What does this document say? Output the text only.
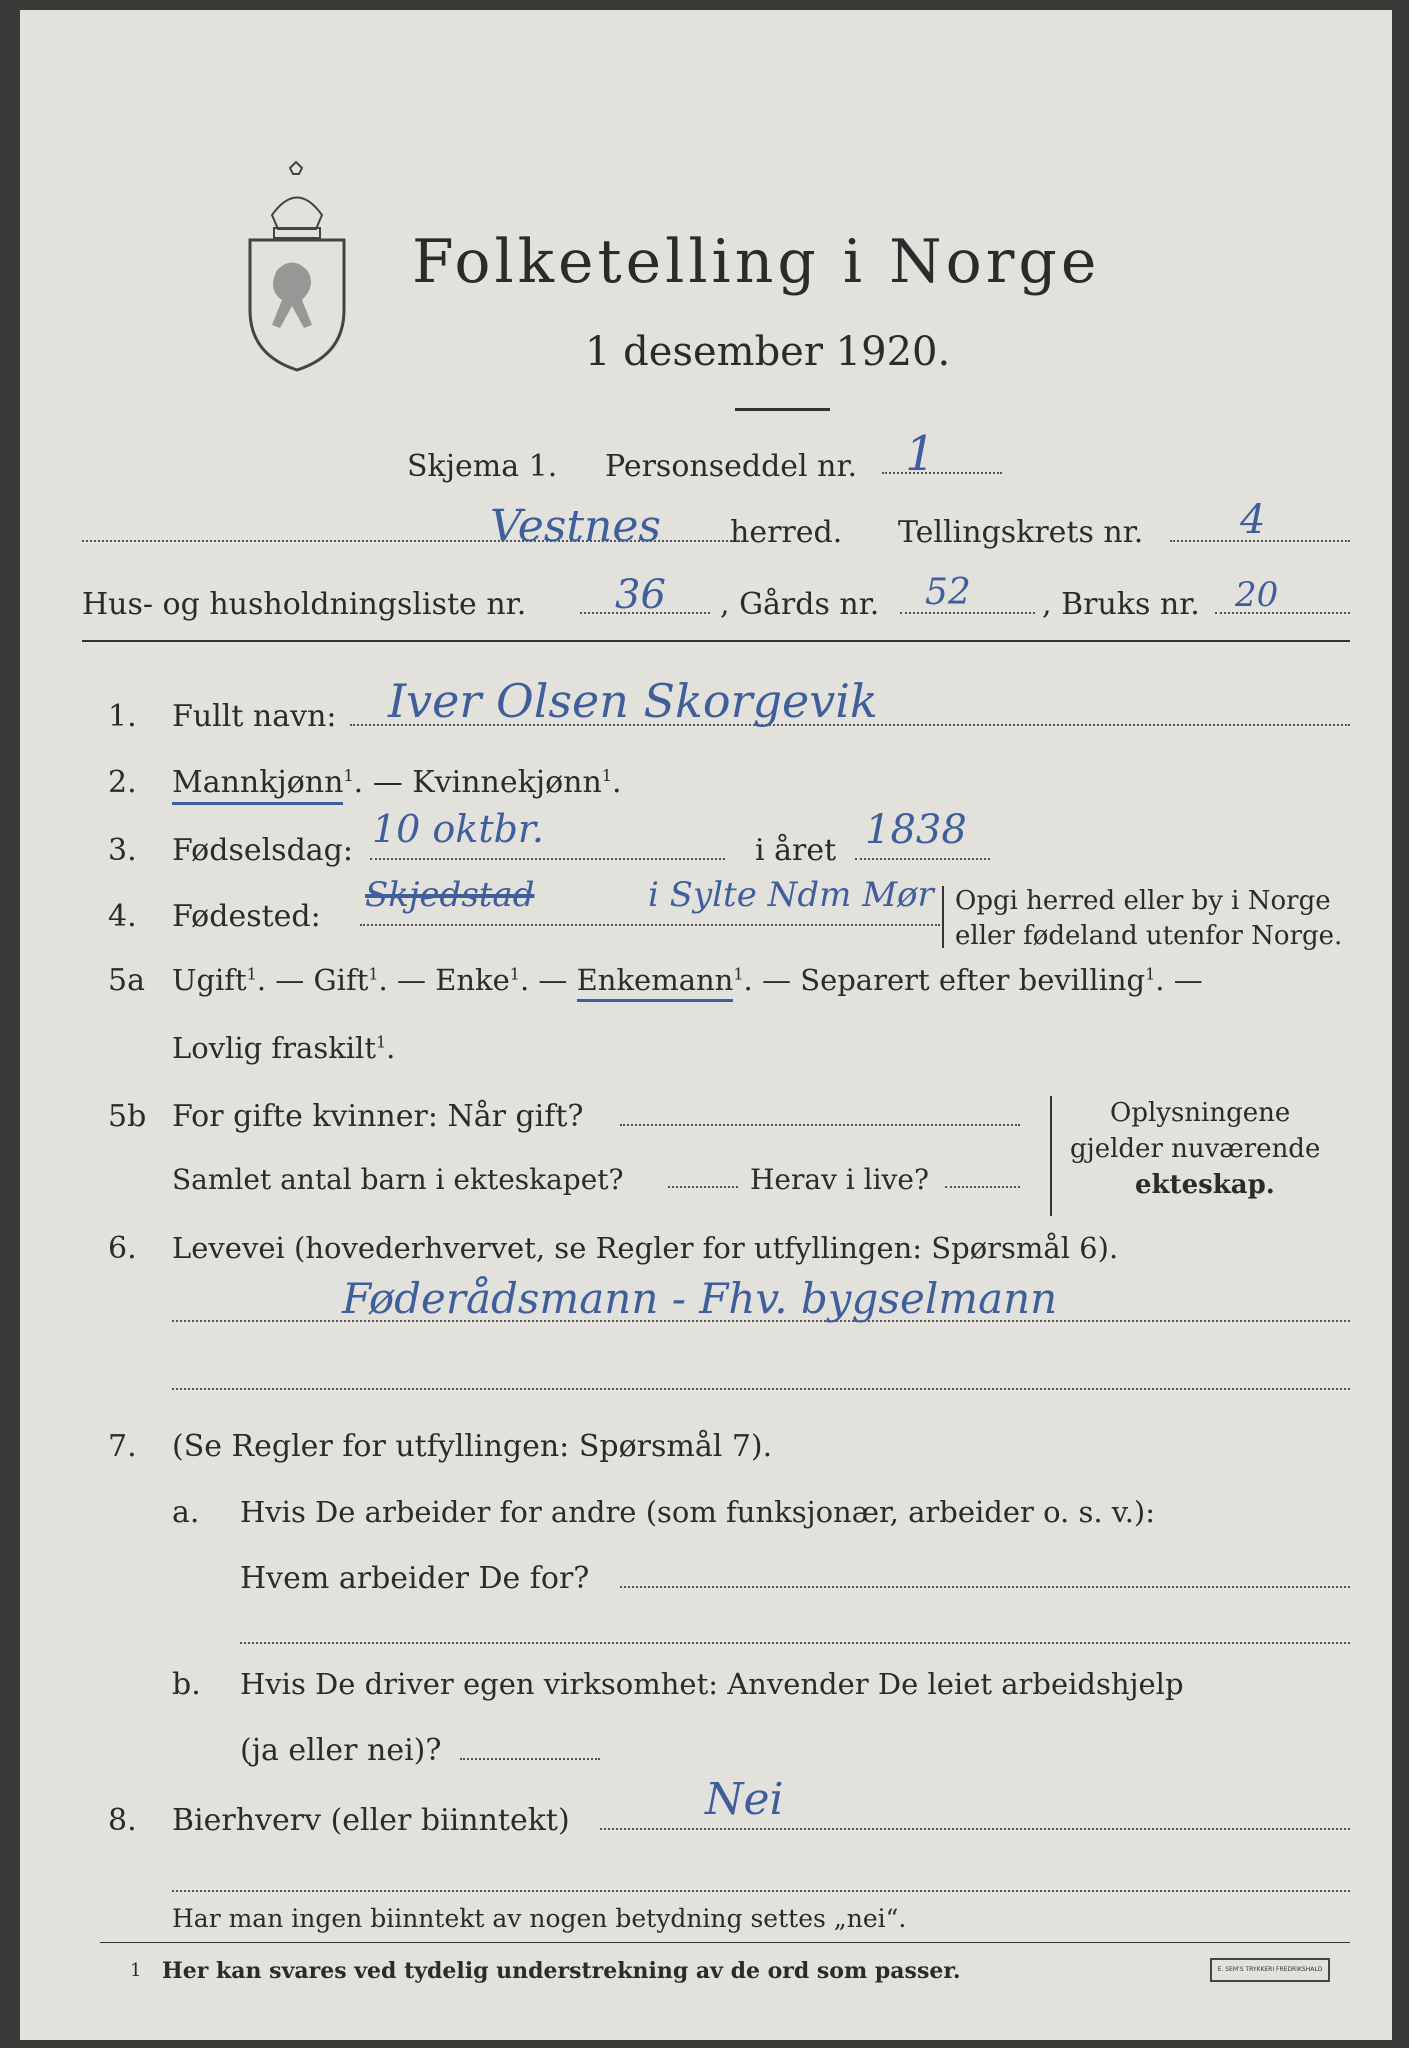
Folketelling i Norge
1 desember 1920.
Skjema 1. Personseddel nr. 1
Vestnes herred. Tellingskrets nr. 4
Hus- og husholdningsliste nr. 36 , Gårds nr. 52 , Bruks nr. 20
1. Fullt navn: Iver Olsen Skorgevik
2. Mannkjønn$^1$. — Kvinnekjønn$^1$.
3. Fødselsdag: 10 oktbr.	i året 1838
4. Fødested:
Skjedstad	i Sylte Ndm Mør Opgi herred eller by i Norge
eller fødeland utenfor Norge.
5a Ugift$^1$. — Gift$^1$. — Enke$^1$. — Enkemann$^1$. — Separert efter bevilling$^1$. —
Lovlig fraskilt$^1$.
5b For gifte kvinner: Når gift?
Samlet antal barn i ekteskapet?	Herav i live?
Oplysningene
gjelder nuværende
ekteskap.
6. Levevei (hovederhvervet, se Regler for utfyllingen: Spørsmål 6).
Føderådsmann - Fhv. bygselmann
7. (Se Regler for utfyllingen: Spørsmål 7).
a. Hvis De arbeider for andre (som funksjonær, arbeider o. s. v.):
Hvem arbeider De for?
b. Hvis De driver egen virksomhet: Anvender De leiet arbeidshjelp
(ja eller nei)?
8. Bierhverv (eller biinntekt)	Nei
Har man ingen biinntekt av nogen betydning settes „nei“.
1 Her kan svares ved tydelig understrekning av de ord som passer.	E. SEM'S TRYKKERI FREDRIKSHALD
